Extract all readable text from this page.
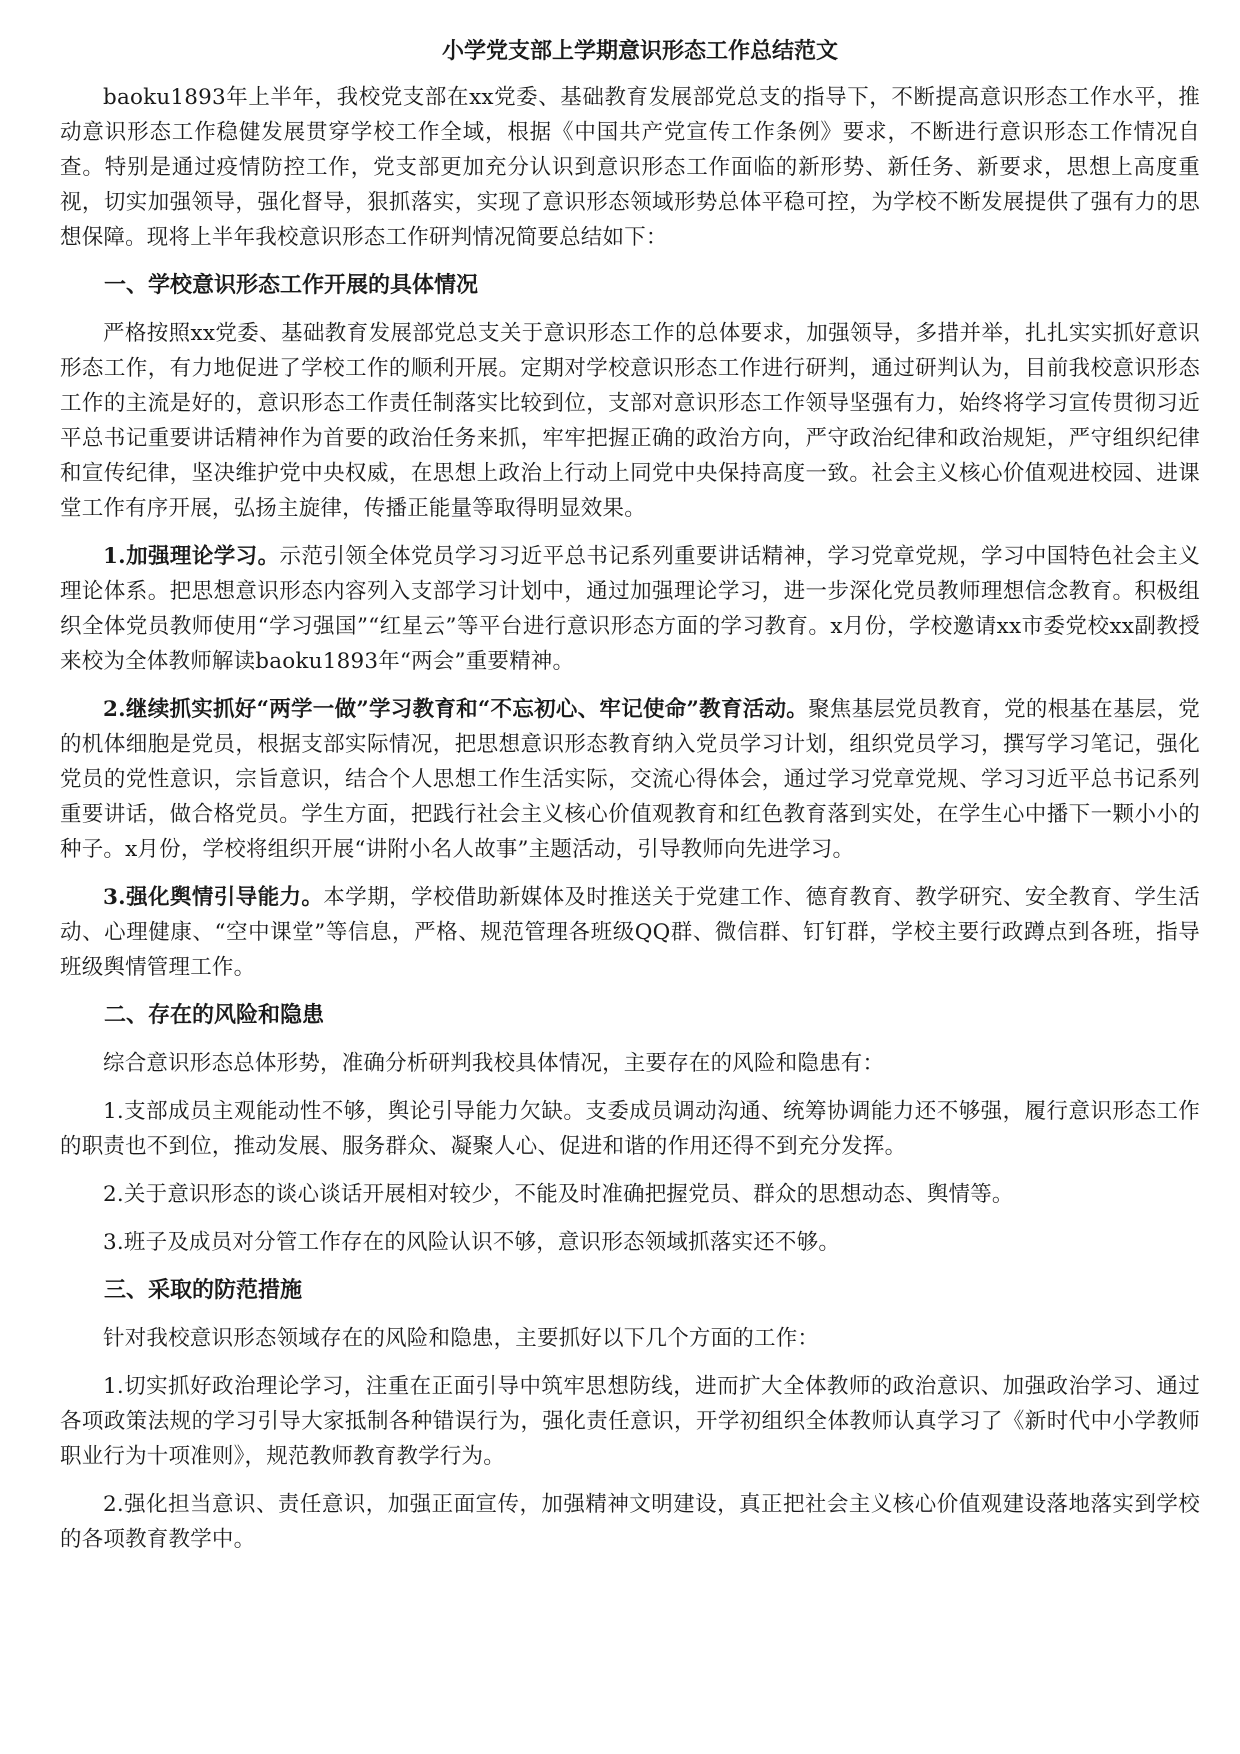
小学党支部上学期意识形态工作总结范文

baoku1893年上半年，我校党支部在xx党委、基础教育发展部党总支的指导下，不断提高意识形态工作水平，推动意识形态工作稳健发展贯穿学校工作全域，根据《中国共产党宣传工作条例》要求，不断进行意识形态工作情况自查。特别是通过疫情防控工作，党支部更加充分认识到意识形态工作面临的新形势、新任务、新要求，思想上高度重视，切实加强领导，强化督导，狠抓落实，实现了意识形态领域形势总体平稳可控，为学校不断发展提供了强有力的思想保障。现将上半年我校意识形态工作研判情况简要总结如下：

一、学校意识形态工作开展的具体情况

严格按照xx党委、基础教育发展部党总支关于意识形态工作的总体要求，加强领导，多措并举，扎扎实实抓好意识形态工作，有力地促进了学校工作的顺利开展。定期对学校意识形态工作进行研判，通过研判认为，目前我校意识形态工作的主流是好的，意识形态工作责任制落实比较到位，支部对意识形态工作领导坚强有力，始终将学习宣传贯彻习近平总书记重要讲话精神作为首要的政治任务来抓，牢牢把握正确的政治方向，严守政治纪律和政治规矩，严守组织纪律和宣传纪律，坚决维护党中央权威，在思想上政治上行动上同党中央保持高度一致。社会主义核心价值观进校园、进课堂工作有序开展，弘扬主旋律，传播正能量等取得明显效果。

1.加强理论学习。示范引领全体党员学习习近平总书记系列重要讲话精神，学习党章党规，学习中国特色社会主义理论体系。把思想意识形态内容列入支部学习计划中，通过加强理论学习，进一步深化党员教师理想信念教育。积极组织全体党员教师使用“学习强国”“红星云”等平台进行意识形态方面的学习教育。x月份，学校邀请xx市委党校xx副教授来校为全体教师解读baoku1893年“两会”重要精神。

2.继续抓实抓好“两学一做”学习教育和“不忘初心、牢记使命”教育活动。聚焦基层党员教育，党的根基在基层，党的机体细胞是党员，根据支部实际情况，把思想意识形态教育纳入党员学习计划，组织党员学习，撰写学习笔记，强化党员的党性意识，宗旨意识，结合个人思想工作生活实际，交流心得体会，通过学习党章党规、学习习近平总书记系列重要讲话，做合格党员。学生方面，把践行社会主义核心价值观教育和红色教育落到实处，在学生心中播下一颗小小的种子。x月份，学校将组织开展“讲附小名人故事”主题活动，引导教师向先进学习。

3.强化舆情引导能力。本学期，学校借助新媒体及时推送关于党建工作、德育教育、教学研究、安全教育、学生活动、心理健康、“空中课堂”等信息，严格、规范管理各班级QQ群、微信群、钉钉群，学校主要行政蹲点到各班，指导班级舆情管理工作。

二、存在的风险和隐患

综合意识形态总体形势，准确分析研判我校具体情况，主要存在的风险和隐患有：

1.支部成员主观能动性不够，舆论引导能力欠缺。支委成员调动沟通、统筹协调能力还不够强，履行意识形态工作的职责也不到位，推动发展、服务群众、凝聚人心、促进和谐的作用还得不到充分发挥。

2.关于意识形态的谈心谈话开展相对较少，不能及时准确把握党员、群众的思想动态、舆情等。

3.班子及成员对分管工作存在的风险认识不够，意识形态领域抓落实还不够。

三、采取的防范措施

针对我校意识形态领域存在的风险和隐患，主要抓好以下几个方面的工作：

1.切实抓好政治理论学习，注重在正面引导中筑牢思想防线，进而扩大全体教师的政治意识、加强政治学习、通过各项政策法规的学习引导大家抵制各种错误行为，强化责任意识，开学初组织全体教师认真学习了《新时代中小学教师职业行为十项准则》，规范教师教育教学行为。

2.强化担当意识、责任意识，加强正面宣传，加强精神文明建设，真正把社会主义核心价值观建设落地落实到学校的各项教育教学中。
